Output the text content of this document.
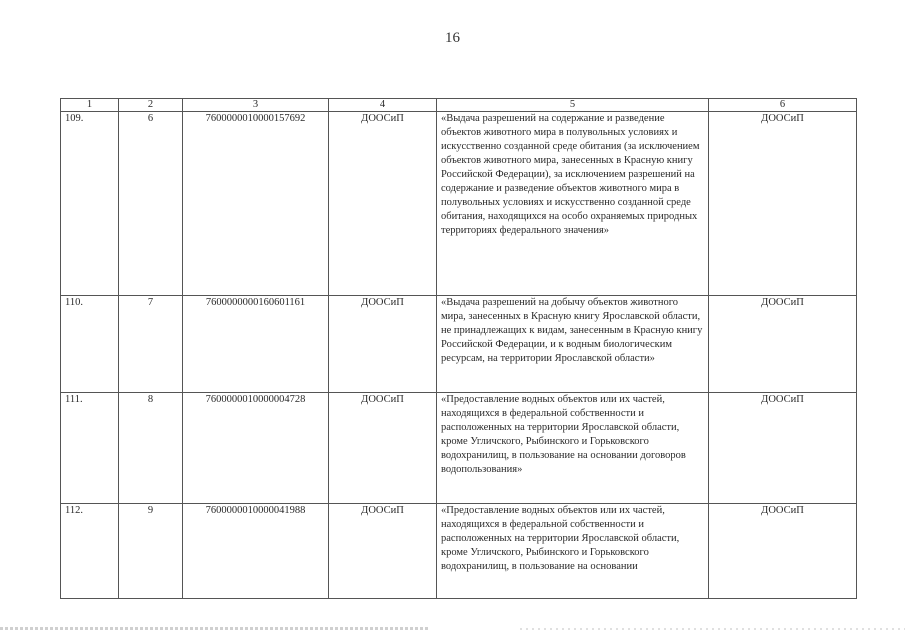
16
1	2	3	4	5	6
109.	6	7600000010000157692	ДООСиП	«Выдача разрешений на содержание и разведение объектов животного мира в полувольных условиях и искусственно созданной среде обитания (за исключением объектов животного мира, занесенных в Красную книгу Российской Федерации), за исключением разрешений на содержание и разведение объектов животного мира в полувольных условиях и искусственно созданной среде обитания, находящихся на особо охраняемых природных территориях федерального значения»	ДООСиП
110.	7	7600000000160601161	ДООСиП	«Выдача разрешений на добычу объектов животного мира, занесенных в Красную книгу Ярославской области, не принадлежащих к видам, занесенным в Красную книгу Российской Федерации, и к водным биологическим ресурсам, на территории Ярославской области»	ДООСиП
111.	8	7600000010000004728	ДООСиП	«Предоставление водных объектов или их частей, находящихся в федеральной собственности и расположенных на территории Ярославской области, кроме Угличского, Рыбинского и Горьковского водохранилищ, в пользование на основании договоров водопользования»	ДООСиП
112.	9	7600000010000041988	ДООСиП	«Предоставление водных объектов или их частей, находящихся в федеральной собственности и расположенных на территории Ярославской области, кроме Угличского, Рыбинского и Горьковского водохранилищ, в пользование на основании	ДООСиП
